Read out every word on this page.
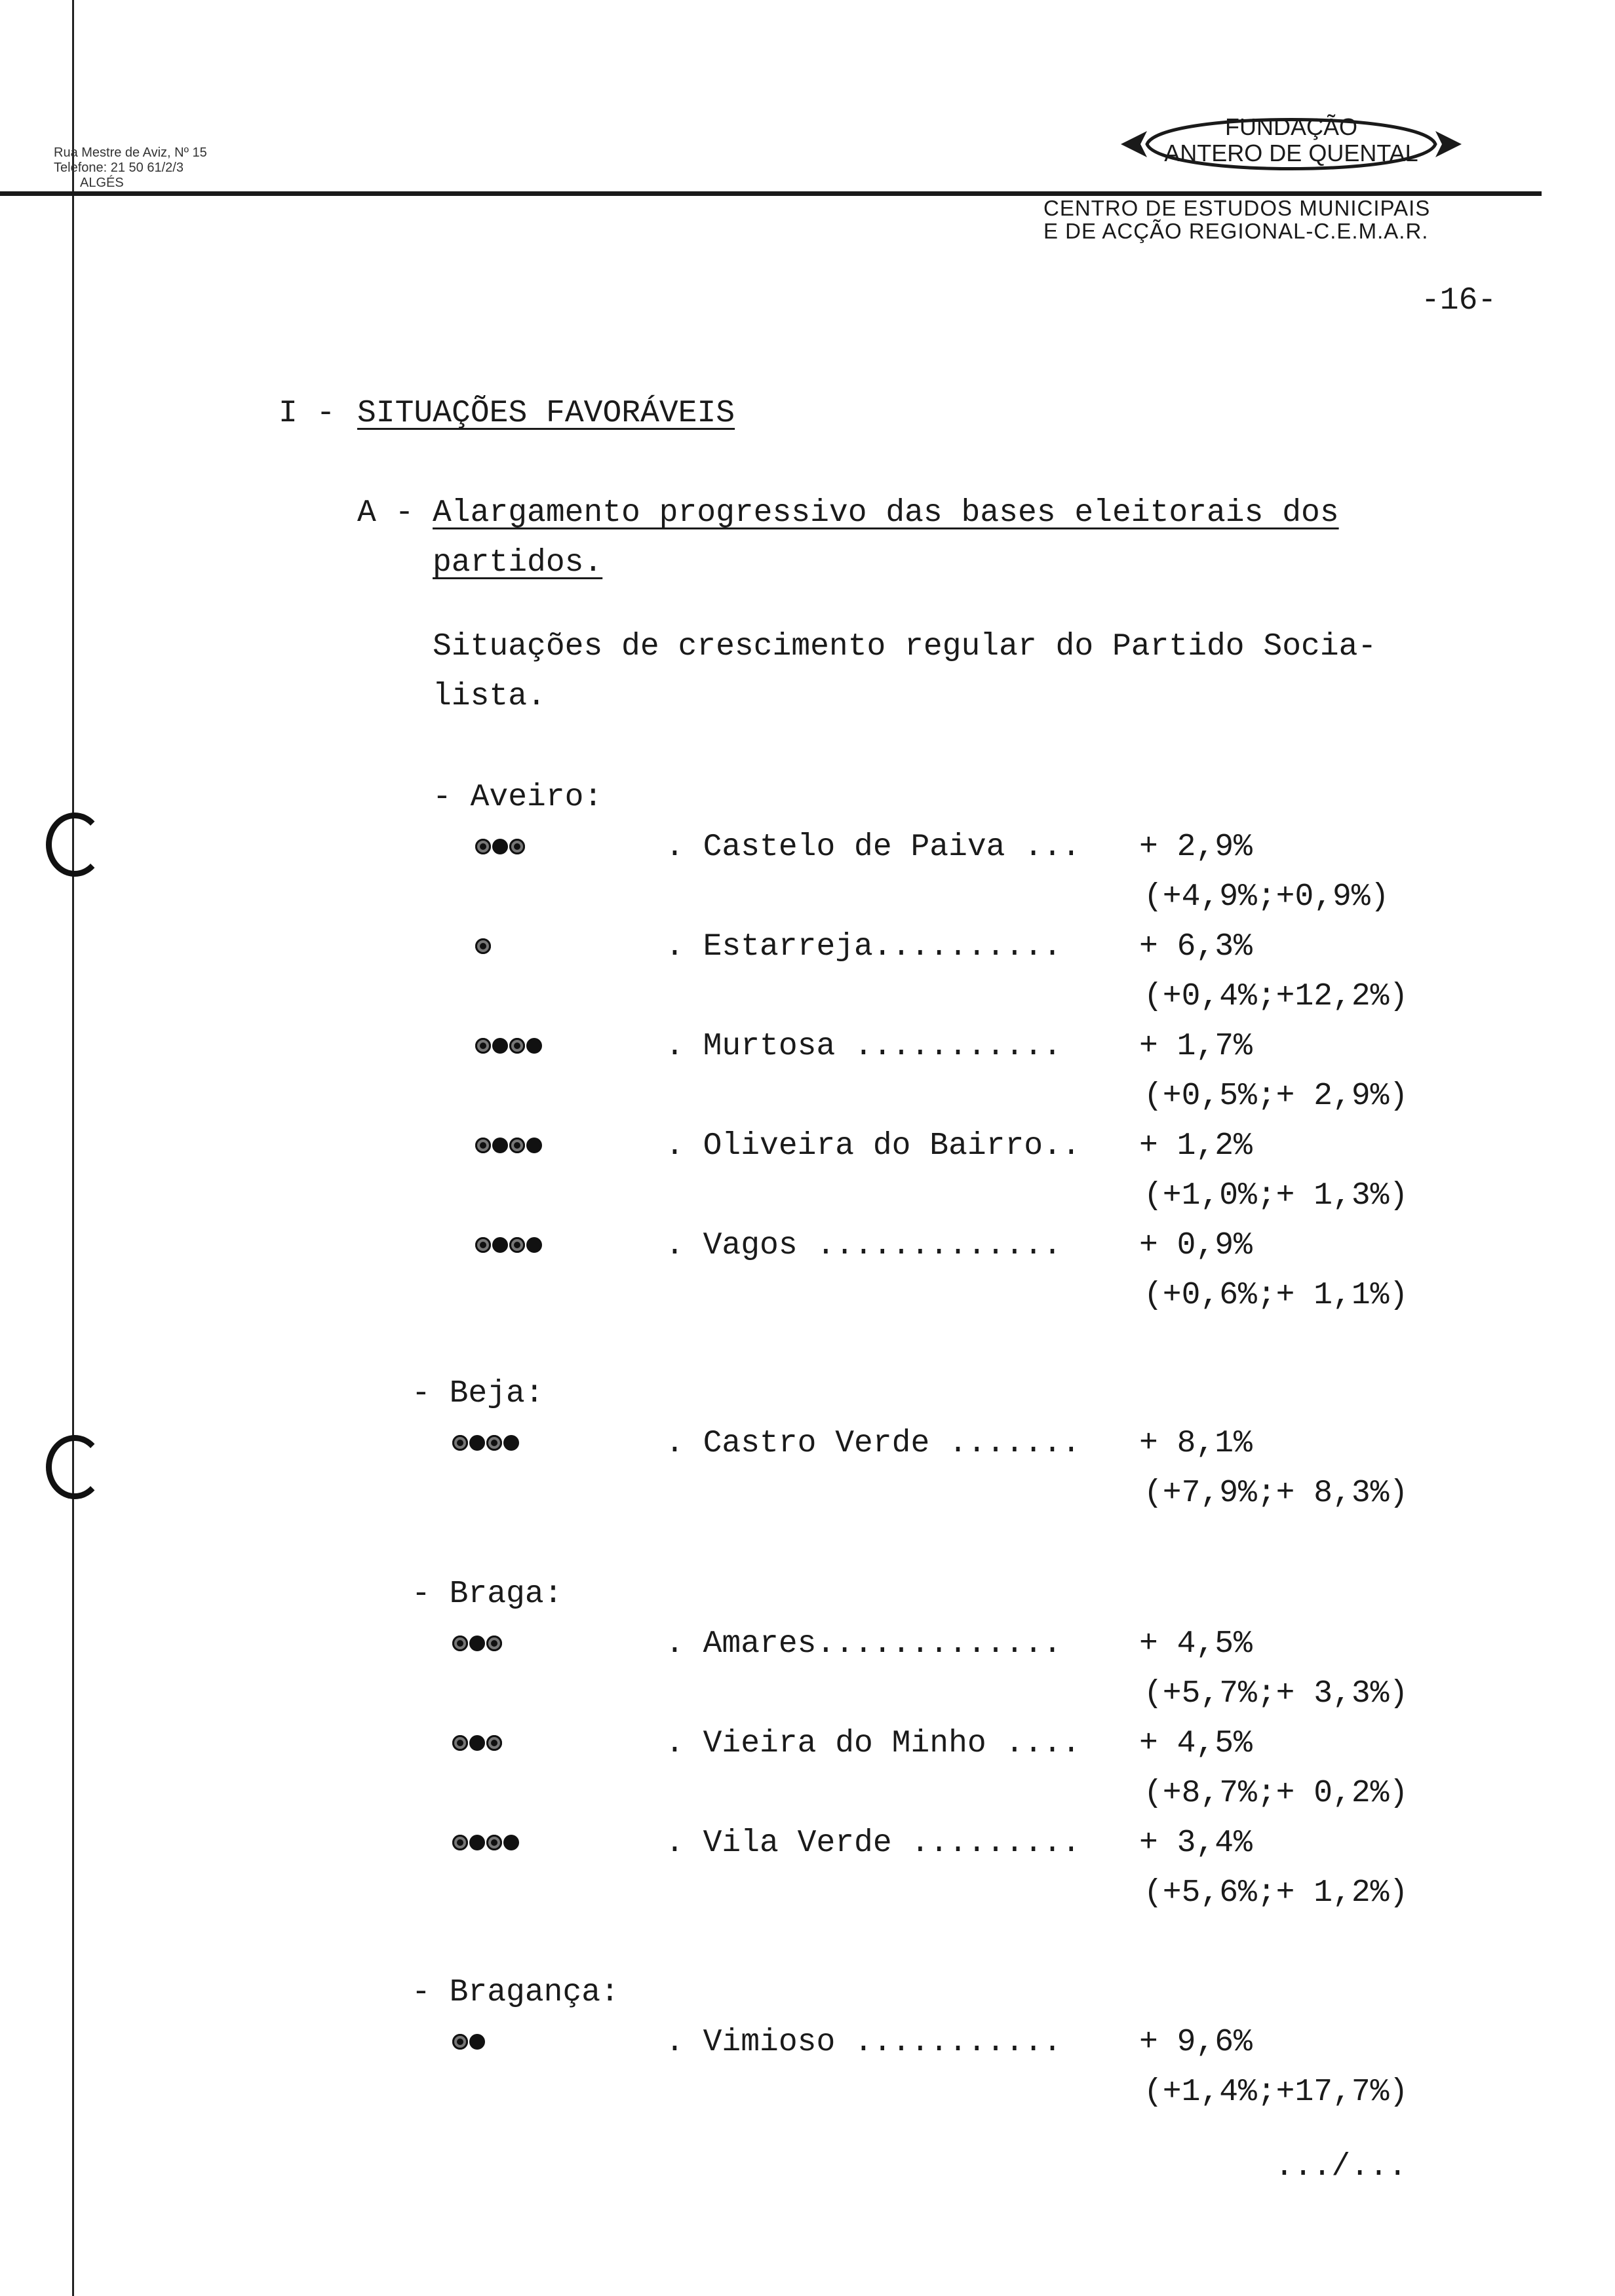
Rua Mestre de Aviz, Nº 15
Telefone: 21 50 61/2/3
ALGÉS
FUNDAÇÃO
ANTERO DE QUENTAL
CENTRO DE ESTUDOS MUNICIPAIS
E DE ACÇÃO REGIONAL-C.E.M.A.R.
-16-
I - SITUAÇÕES FAVORÁVEIS
A - Alargamento progressivo das bases eleitorais dos
partidos.
Situações de crescimento regular do Partido Socia-
lista.
- Aveiro:
. Castelo de Paiva ... + 2,9%
(+4,9%;+0,9%)
. Estarreja.......... + 6,3%
(+0,4%;+12,2%)
. Murtosa ........... + 1,7%
(+0,5%;+ 2,9%)
. Oliveira do Bairro.. + 1,2%
(+1,0%;+ 1,3%)
. Vagos ............. + 0,9%
(+0,6%;+ 1,1%)
- Beja:
. Castro Verde ....... + 8,1%
(+7,9%;+ 8,3%)
- Braga:
. Amares............. + 4,5%
(+5,7%;+ 3,3%)
. Vieira do Minho .... + 4,5%
(+8,7%;+ 0,2%)
. Vila Verde ......... + 3,4%
(+5,6%;+ 1,2%)
- Bragança:
. Vimioso ........... + 9,6%
(+1,4%;+17,7%)
.../...
